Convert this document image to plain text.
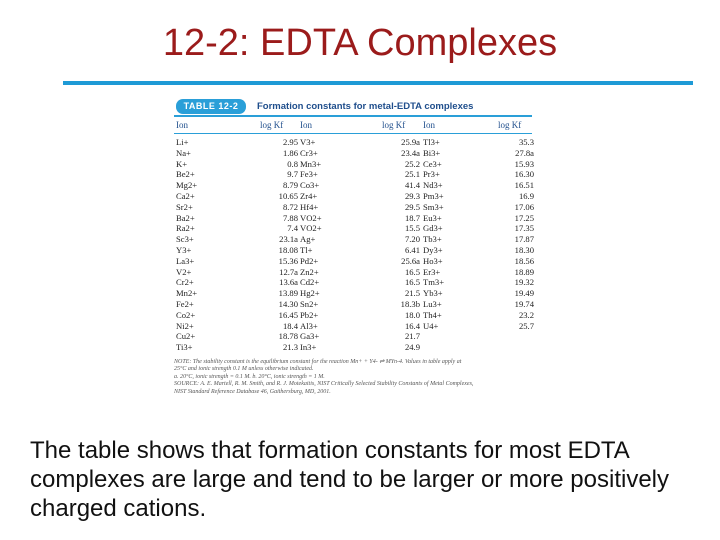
12-2: EDTA Complexes
TABLE 12-2	Formation constants for metal-EDTA complexes
Ion	log Kf Ion	log Kf Ion	log Kf
Li+	2.95 V3+	25.9a Tl3+	35.3
Na+	1.86 Cr3+	23.4a Bi3+	27.8a
K+	0.8 Mn3+	25.2 Ce3+	15.93
Be2+	9.7 Fe3+	25.1 Pr3+	16.30
Mg2+	8.79 Co3+	41.4 Nd3+	16.51
Ca2+	10.65 Zr4+	29.3 Pm3+	16.9
Sr2+	8.72 Hf4+	29.5 Sm3+	17.06
Ba2+	7.88 VO2+	18.7 Eu3+	17.25
Ra2+	7.4 VO2+	15.5 Gd3+	17.35
Sc3+	23.1a Ag+	7.20 Tb3+	17.87
Y3+	18.08 Tl+	6.41 Dy3+	18.30
La3+	15.36 Pd2+	25.6a Ho3+	18.56
V2+	12.7a Zn2+	16.5 Er3+	18.89
Cr2+	13.6a Cd2+	16.5 Tm3+	19.32
Mn2+	13.89 Hg2+	21.5 Yb3+	19.49
Fe2+	14.30 Sn2+	18.3b Lu3+	19.74
Co2+	16.45 Pb2+	18.0 Th4+	23.2
Ni2+	18.4 Al3+	16.4 U4+	25.7
Cu2+	18.78 Ga3+	21.7
Ti3+	21.3 In3+	24.9
NOTE: The stability constant is the equilibrium constant for the reaction Mn+ + Y4- ⇌ MYn-4. Values in table apply at
25°C and ionic strength 0.1 M unless otherwise indicated.
a. 20°C, ionic strength = 0.1 M. b. 20°C, ionic strength = 1 M.
SOURCE: A. E. Martell, R. M. Smith, and R. J. Motekaitis, NIST Critically Selected Stability Constants of Metal Complexes,
NIST Standard Reference Database 46, Gaithersburg, MD, 2001.
The table shows that formation constants for most EDTA complexes are large and tend to be larger or more positively charged cations.
